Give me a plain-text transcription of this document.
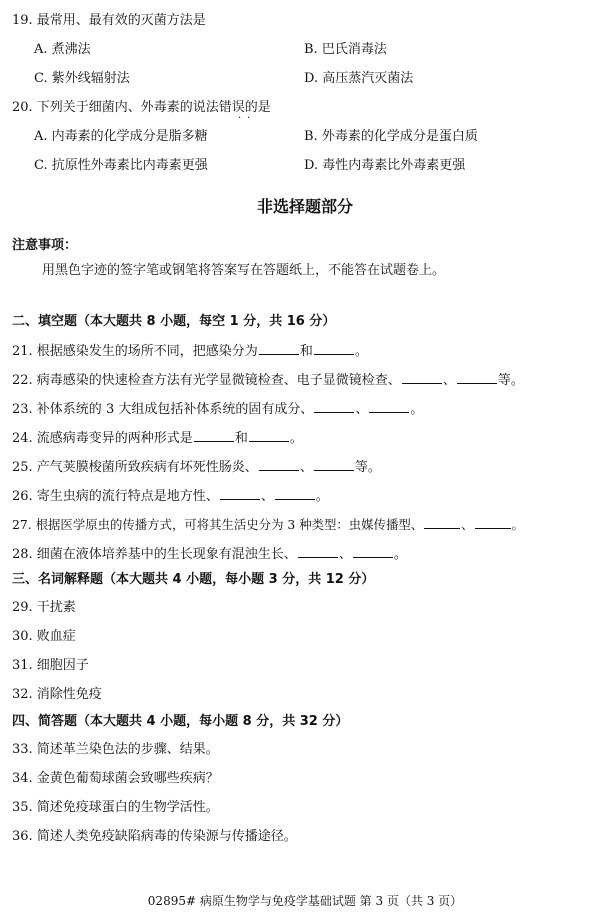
19. 最常用、最有效的灭菌方法是
A. 煮沸法	B. 巴氏消毒法
C. 紫外线辐射法	D. 高压蒸汽灭菌法
20. 下列关于细菌内、外毒素的说法错误的是
·​·
A. 内毒素的化学成分是脂多糖	B. 外毒素的化学成分是蛋白质
C. 抗原性外毒素比内毒素更强	D. 毒性内毒素比外毒素更强
非选择题部分
注意事项：
用黑色字迹的签字笔或钢笔将答案写在答题纸上，不能答在试题卷上。
二、填空题（本大题共 8 小题，每空 1 分，共 16 分）
21. 根据感染发生的场所不同，把感染分为	和	。
22. 病毒感染的快速检查方法有光学显微镜检查、电子显微镜检查、	、	等。
23. 补体系统的 3 大组成包括补体系统的固有成分、	、	。
24. 流感病毒变异的两种形式是	和	。
25. 产气荚膜梭菌所致疾病有坏死性肠炎、	、	等。
26. 寄生虫病的流行特点是地方性、	、	。
27. 根据医学原虫的传播方式，可将其生活史分为 3 种类型：虫媒传播型、	、	。
28. 细菌在液体培养基中的生长现象有混浊生长、	、	。
三、名词解释题（本大题共 4 小题，每小题 3 分，共 12 分）
29. 干扰素
30. 败血症
31. 细胞因子
32. 消除性免疫
四、简答题（本大题共 4 小题，每小题 8 分，共 32 分）
33. 简述革兰染色法的步骤、结果。
34. 金黄色葡萄球菌会致哪些疾病？
35. 简述免疫球蛋白的生物学活性。
36. 简述人类免疫缺陷病毒的传染源与传播途径。
02895# 病原生物学与免疫学基础试题 第 3 页（共 3 页）
